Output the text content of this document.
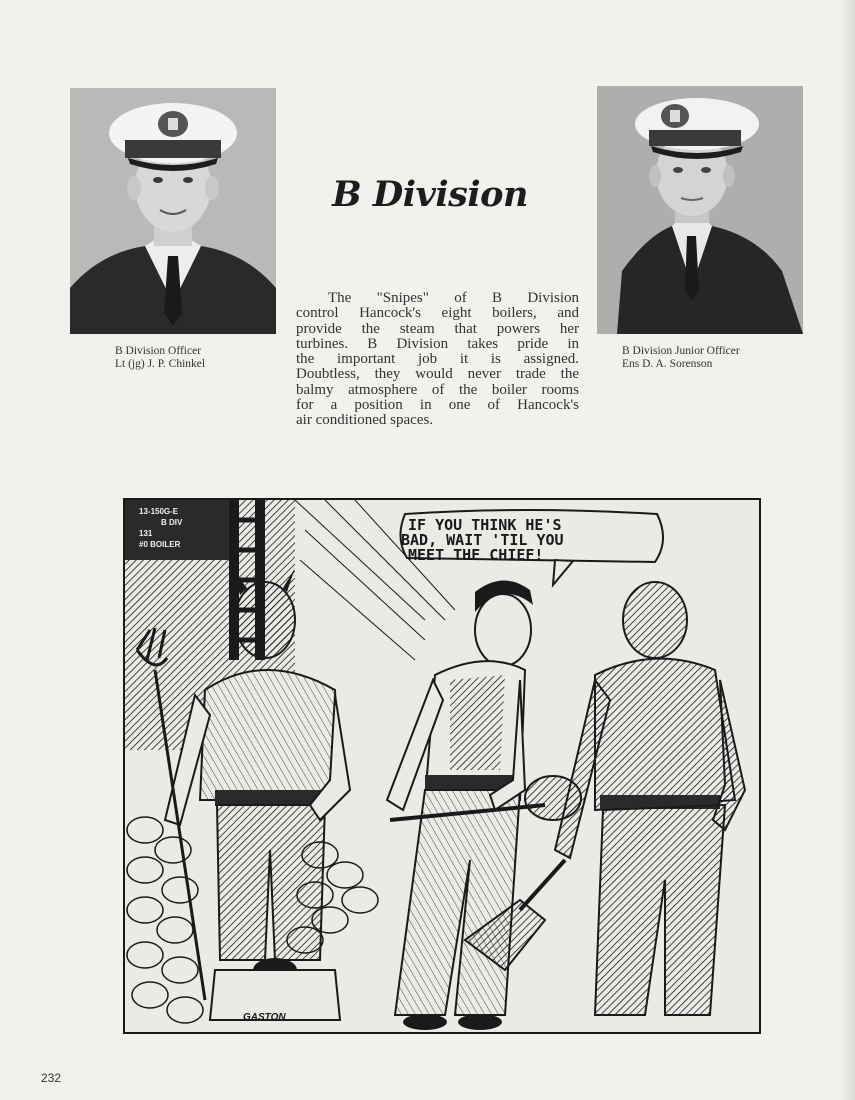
B Division Officer
Lt (jg) J. P. Chinkel
B Division Junior Officer
Ens D. A. Sorenson
B Division
The "Snipes" of B Division
control Hancock's eight boilers, and
provide the steam that powers her
turbines. B Division takes pride in
the important job it is assigned.
Doubtless, they would never trade the
balmy atmosphere of the boiler rooms
for a position in one of Hancock's
air conditioned spaces.
13-150G-E
B DIV
131
#0 BOILER
IF YOU THINK HE'S
BAD, WAIT 'TIL YOU
MEET THE CHIEF!
GASTON
232
